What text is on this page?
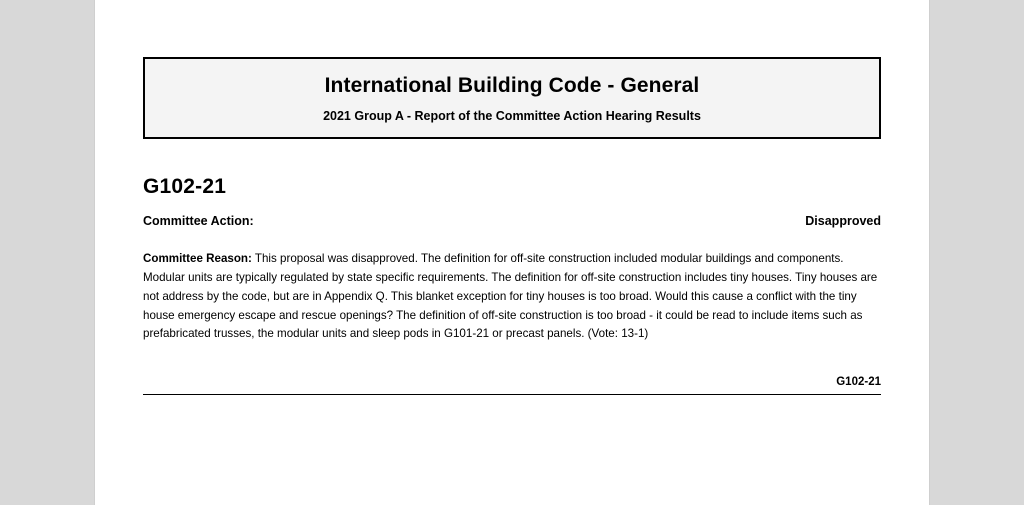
International Building Code - General
2021 Group A - Report of the Committee Action Hearing Results
G102-21
Committee Action:	Disapproved

Committee Reason: This proposal was disapproved. The definition for off-site construction included modular buildings and components. Modular units are typically regulated by state specific requirements. The definition for off-site construction includes tiny houses. Tiny houses are not address by the code, but are in Appendix Q. This blanket exception for tiny houses is too broad. Would this cause a conflict with the tiny house emergency escape and rescue openings? The definition of off-site construction is too broad - it could be read to include items such as prefabricated trusses, the modular units and sleep pods in G101-21 or precast panels. (Vote: 13-1)

G102-21
